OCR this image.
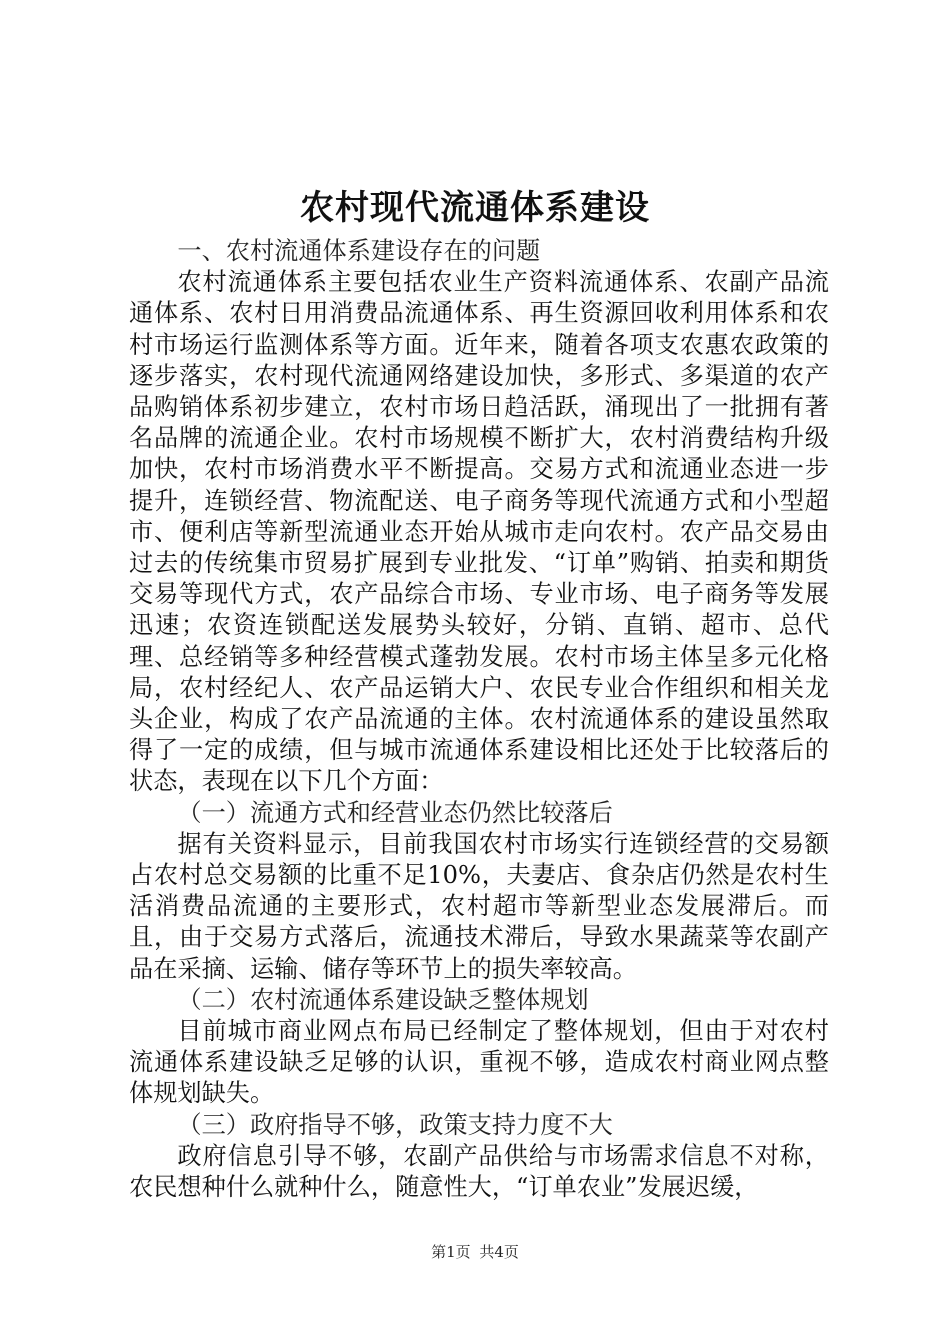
农村现代流通体系建设

一、农村流通体系建设存在的问题

农村流通体系主要包括农业生产资料流通体系、农副产品流通体系、农村日用消费品流通体系、再生资源回收利用体系和农村市场运行监测体系等方面。近年来，随着各项支农惠农政策的逐步落实，农村现代流通网络建设加快，多形式、多渠道的农产品购销体系初步建立，农村市场日趋活跃，涌现出了一批拥有著名品牌的流通企业。农村市场规模不断扩大，农村消费结构升级加快，农村市场消费水平不断提高。交易方式和流通业态进一步提升，连锁经营、物流配送、电子商务等现代流通方式和小型超市、便利店等新型流通业态开始从城市走向农村。农产品交易由过去的传统集市贸易扩展到专业批发、“订单”购销、拍卖和期货交易等现代方式，农产品综合市场、专业市场、电子商务等发展迅速；农资连锁配送发展势头较好，分销、直销、超市、总代理、总经销等多种经营模式蓬勃发展。农村市场主体呈多元化格局，农村经纪人、农产品运销大户、农民专业合作组织和相关龙头企业，构成了农产品流通的主体。农村流通体系的建设虽然取得了一定的成绩，但与城市流通体系建设相比还处于比较落后的状态，表现在以下几个方面：

（一）流通方式和经营业态仍然比较落后

据有关资料显示，目前我国农村市场实行连锁经营的交易额占农村总交易额的比重不足10%，夫妻店、食杂店仍然是农村生活消费品流通的主要形式，农村超市等新型业态发展滞后。而且，由于交易方式落后，流通技术滞后，导致水果蔬菜等农副产品在采摘、运输、储存等环节上的损失率较高。

（二）农村流通体系建设缺乏整体规划

目前城市商业网点布局已经制定了整体规划，但由于对农村流通体系建设缺乏足够的认识，重视不够，造成农村商业网点整体规划缺失。

（三）政府指导不够，政策支持力度不大

政府信息引导不够，农副产品供给与市场需求信息不对称，农民想种什么就种什么，随意性大，“订单农业”发展迟缓，

第1页 共4页
